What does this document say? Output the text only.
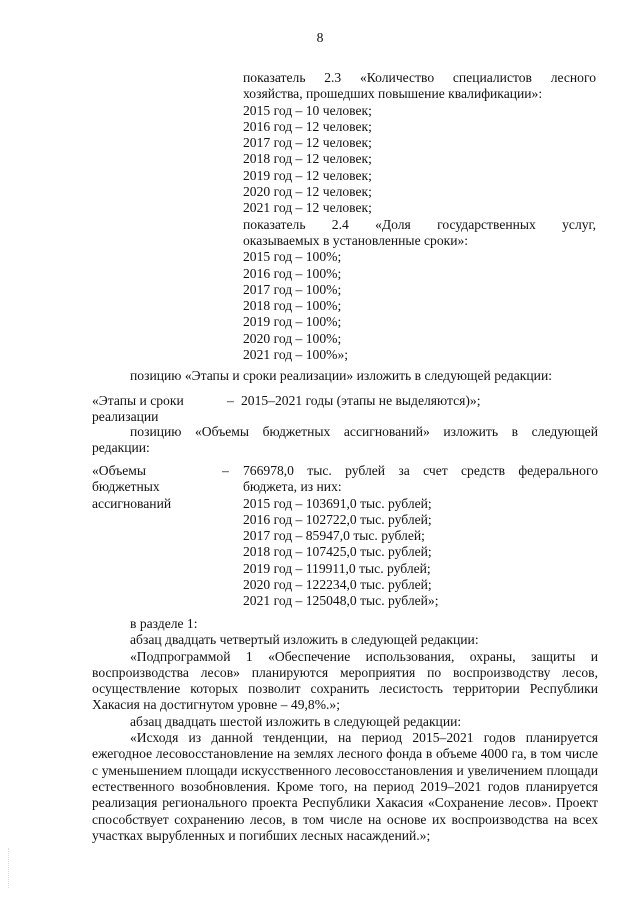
8
показатель 2.3 «Количество специалистов лесного
хозяйства, прошедших повышение квалификации»:
2015 год – 10 человек;
2016 год – 12 человек;
2017 год – 12 человек;
2018 год – 12 человек;
2019 год – 12 человек;
2020 год – 12 человек;
2021 год – 12 человек;
показатель 2.4 «Доля государственных услуг,
оказываемых в установленные сроки»:
2015 год – 100%;
2016 год – 100%;
2017 год – 100%;
2018 год – 100%;
2019 год – 100%;
2020 год – 100%;
2021 год – 100%»;
позицию «Этапы и сроки реализации» изложить в следующей редакции:
«Этапы и сроки
реализации
– 2015–2021 годы (этапы не выделяются)»;
позицию «Объемы бюджетных ассигнований» изложить в следующей редакции:
«Объемы
бюджетных
ассигнований
– 766978,0 тыс. рублей за счет средств федерального
бюджета, из них:
2015 год – 103691,0 тыс. рублей;
2016 год – 102722,0 тыс. рублей;
2017 год – 85947,0 тыс. рублей;
2018 год – 107425,0 тыс. рублей;
2019 год – 119911,0 тыс. рублей;
2020 год – 122234,0 тыс. рублей;
2021 год – 125048,0 тыс. рублей»;

в разделе 1:

абзац двадцать четвертый изложить в следующей редакции:

«Подпрограммой 1 «Обеспечение использования, охраны, защиты и воспроизводства лесов» планируются мероприятия по воспроизводству лесов, осуществление которых позволит сохранить лесистость территории Республики Хакасия на достигнутом уровне – 49,8%.»;

абзац двадцать шестой изложить в следующей редакции:

«Исходя из данной тенденции, на период 2015–2021 годов планируется ежегодное лесовосстановление на землях лесного фонда в объеме 4000 га, в том числе с уменьшением площади искусственного лесовосстановления и увеличением площади естественного возобновления. Кроме того, на период 2019–2021 годов планируется реализация регионального проекта Республики Хакасия «Сохранение лесов». Проект способствует сохранению лесов, в том числе на основе их воспроизводства на всех участках вырубленных и погибших лесных насаждений.»;
